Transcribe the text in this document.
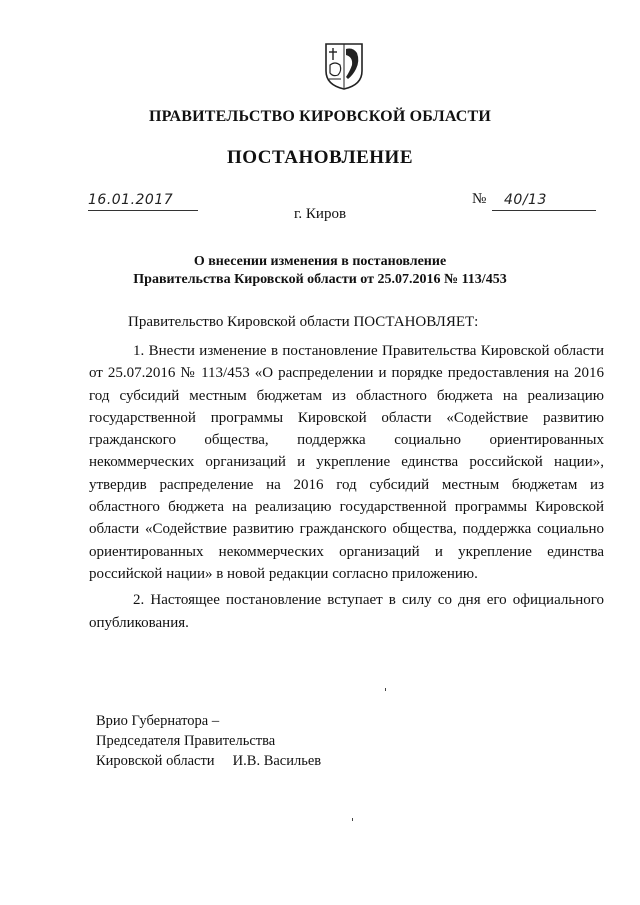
ПРАВИТЕЛЬСТВО КИРОВСКОЙ ОБЛАСТИ
ПОСТАНОВЛЕНИЕ
16.01.2017	№ 40/13
г. Киров
О внесении изменения в постановление
Правительства Кировской области от 25.07.2016 № 113/453
Правительство Кировской области ПОСТАНОВЛЯЕТ:

1. Внести изменение в постановление Правительства Кировской области от 25.07.2016 № 113/453 «О распределении и порядке предоставления на 2016 год субсидий местным бюджетам из областного бюджета на реализацию государственной программы Кировской области «Содействие развитию гражданского общества, поддержка социально ориентированных некоммерческих организаций и укрепление единства российской нации», утвердив распределение на 2016 год субсидий местным бюджетам из областного бюджета на реализацию государственной программы Кировской области «Содействие развитию гражданского общества, поддержка социально ориентированных некоммерческих организаций и укрепление единства российской нации» в новой редакции согласно приложению.

2. Настоящее постановление вступает в силу со дня его официального опубликования.

Врио Губернатора –
Председателя Правительства
Кировской области И.В. Васильев
